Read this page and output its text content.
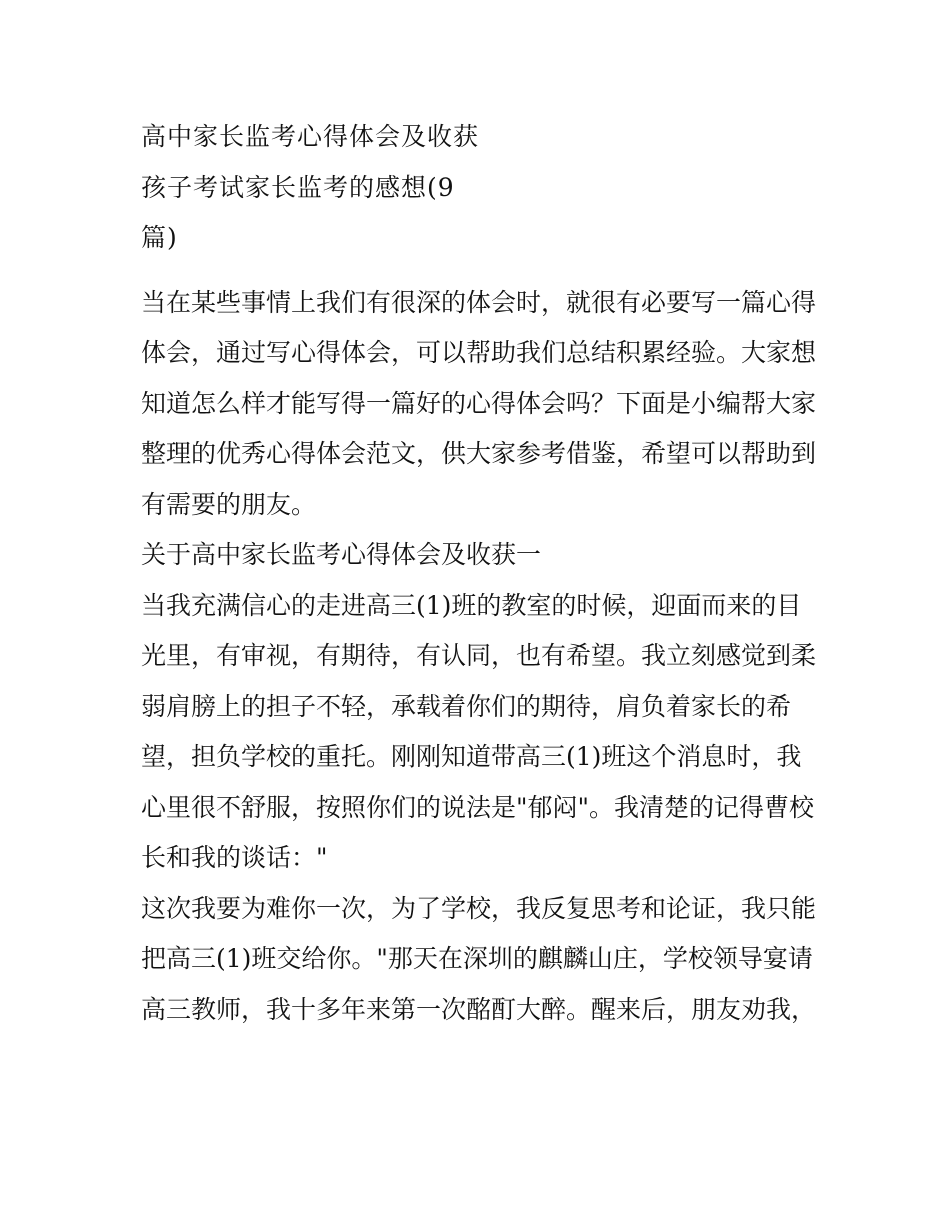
高中家长监考心得体会及收获
孩子考试家长监考的感想(9
篇)
当在某些事情上我们有很深的体会时，就很有必要写一篇心得
体会，通过写心得体会，可以帮助我们总结积累经验。大家想
知道怎么样才能写得一篇好的心得体会吗？下面是小编帮大家
整理的优秀心得体会范文，供大家参考借鉴，希望可以帮助到
有需要的朋友。
关于高中家长监考心得体会及收获一
当我充满信心的走进高三(1)班的教室的时候，迎面而来的目
光里，有审视，有期待，有认同，也有希望。我立刻感觉到柔
弱肩膀上的担子不轻，承载着你们的期待，肩负着家长的希
望，担负学校的重托。刚刚知道带高三(1)班这个消息时，我
心里很不舒服，按照你们的说法是"郁闷"。我清楚的记得曹校
长和我的谈话："
这次我要为难你一次，为了学校，我反复思考和论证，我只能
把高三(1)班交给你。"那天在深圳的麒麟山庄，学校领导宴请
高三教师，我十多年来第一次酩酊大醉。醒来后，朋友劝我，
